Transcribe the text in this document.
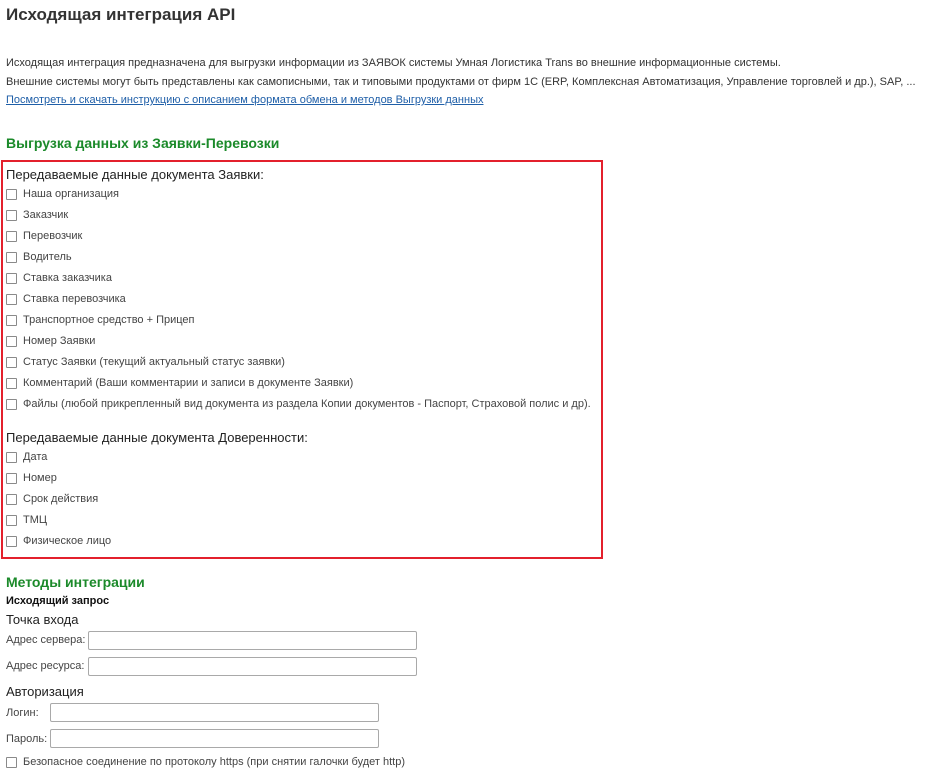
Исходящая интеграция API
Исходящая интеграция предназначена для выгрузки информации из ЗАЯВОК системы Умная Логистика Trans во внешние информационные системы.
Внешние системы могут быть представлены как самописными, так и типовыми продуктами от фирм 1С (ERP, Комплексная Автоматизация, Управление торговлей и др.), SAP, ...
Посмотреть и скачать инструкцию с описанием формата обмена и методов Выгрузки данных
Выгрузка данных из Заявки-Перевозки
Передаваемые данные документа Заявки:
Наша организация
Заказчик
Перевозчик
Водитель
Ставка заказчика
Ставка перевозчика
Транспортное средство + Прицеп
Номер Заявки
Статус Заявки (текущий актуальный статус заявки)
Комментарий (Ваши комментарии и записи в документе Заявки)
Файлы (любой прикрепленный вид документа из раздела Копии документов - Паспорт, Страховой полис и др).
Передаваемые данные документа Доверенности:
Дата
Номер
Срок действия
ТМЦ
Физическое лицо
Методы интеграции
Исходящий запрос
Точка входа
Адрес сервера:
Адрес ресурса:
Авторизация
Логин:
Пароль:
Безопасное соединение по протоколу https (при снятии галочки будет http)
